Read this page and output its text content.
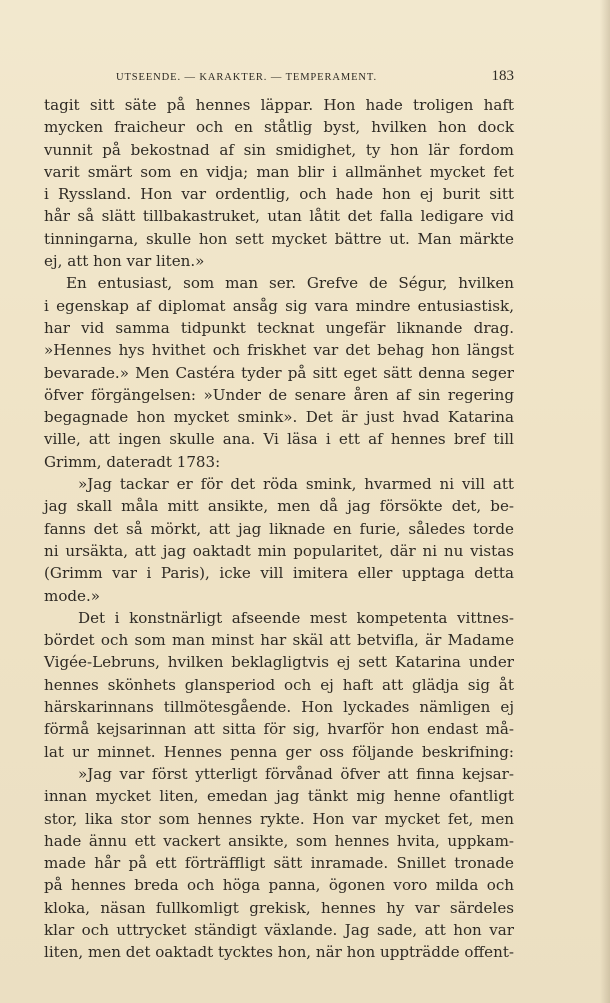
UTSEENDE. — KARAKTER. — TEMPERAMENT.	183
tagit sitt säte på hennes läppar. Hon hade troligen haft
mycken fraicheur och en ståtlig byst, hvilken hon dock
vunnit på bekostnad af sin smidighet, ty hon lär fordom
varit smärt som en vidja; man blir i allmänhet mycket fet
i Ryssland. Hon var ordentlig, och hade hon ej burit sitt
hår så slätt tillbakastruket, utan låtit det falla ledigare vid
tinningarna, skulle hon sett mycket bättre ut. Man märkte
ej, att hon var liten.»
En entusiast, som man ser. Grefve de Ségur, hvilken
i egenskap af diplomat ansåg sig vara mindre entusiastisk,
har vid samma tidpunkt tecknat ungefär liknande drag.
»Hennes hys hvithet och friskhet var det behag hon längst
bevarade.» Men Castéra tyder på sitt eget sätt denna seger
öfver förgängelsen: »Under de senare åren af sin regering
begagnade hon mycket smink». Det är just hvad Katarina
ville, att ingen skulle ana. Vi läsa i ett af hennes bref till
Grimm, dateradt 1783:
»Jag tackar er för det röda smink, hvarmed ni vill att
jag skall måla mitt ansikte, men då jag försökte det, be-
fanns det så mörkt, att jag liknade en furie, således torde
ni ursäkta, att jag oaktadt min popularitet, där ni nu vistas
(Grimm var i Paris), icke vill imitera eller upptaga detta
mode.»
Det i konstnärligt afseende mest kompetenta vittnes-
bördet och som man minst har skäl att betvifla, är Madame
Vigée-Lebruns, hvilken beklagligtvis ej sett Katarina under
hennes skönhets glansperiod och ej haft att glädja sig åt
härskarinnans tillmötesgående. Hon lyckades nämligen ej
förmå kejsarinnan att sitta för sig, hvarför hon endast må-
lat ur minnet. Hennes penna ger oss följande beskrifning:
»Jag var först ytterligt förvånad öfver att finna kejsar-
innan mycket liten, emedan jag tänkt mig henne ofantligt
stor, lika stor som hennes rykte. Hon var mycket fet, men
hade ännu ett vackert ansikte, som hennes hvita, uppkam-
made hår på ett förträffligt sätt inramade. Snillet tronade
på hennes breda och höga panna, ögonen voro milda och
kloka, näsan fullkomligt grekisk, hennes hy var särdeles
klar och uttrycket ständigt växlande. Jag sade, att hon var
liten, men det oaktadt tycktes hon, när hon uppträdde offent-
